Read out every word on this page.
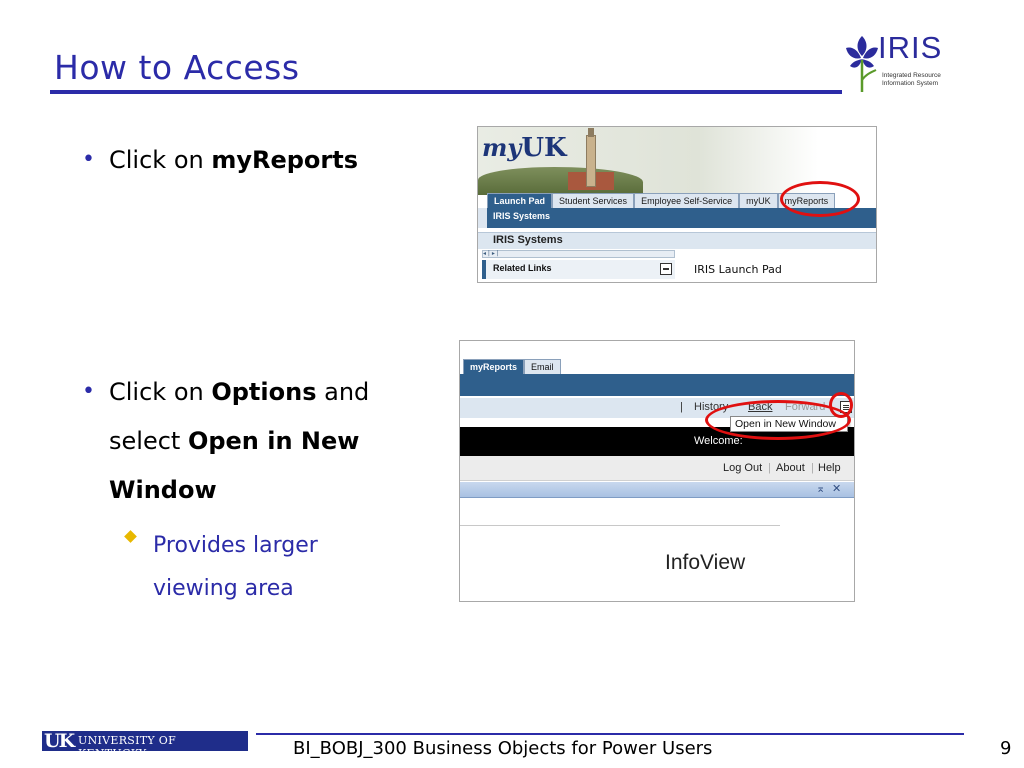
How to Access
IRIS
Integrated Resource
Information System
• Click on myReports
• Click on Options and
select Open in New
Window
Provides larger
viewing area
myUK
Launch Pad	Student Services	Employee Self-Service	myUK	myReports
IRIS Systems
IRIS Systems
◂ | ▸ |
Related Links	IRIS Launch Pad
myReports	Email
| History Back Forward
Welcome:
Open in New Window
Log Out | About | Help
⌅ ✕
InfoView
UK UNIVERSITY OF KENTUCKY	BI_BOBJ_300 Business Objects for Power Users	9
